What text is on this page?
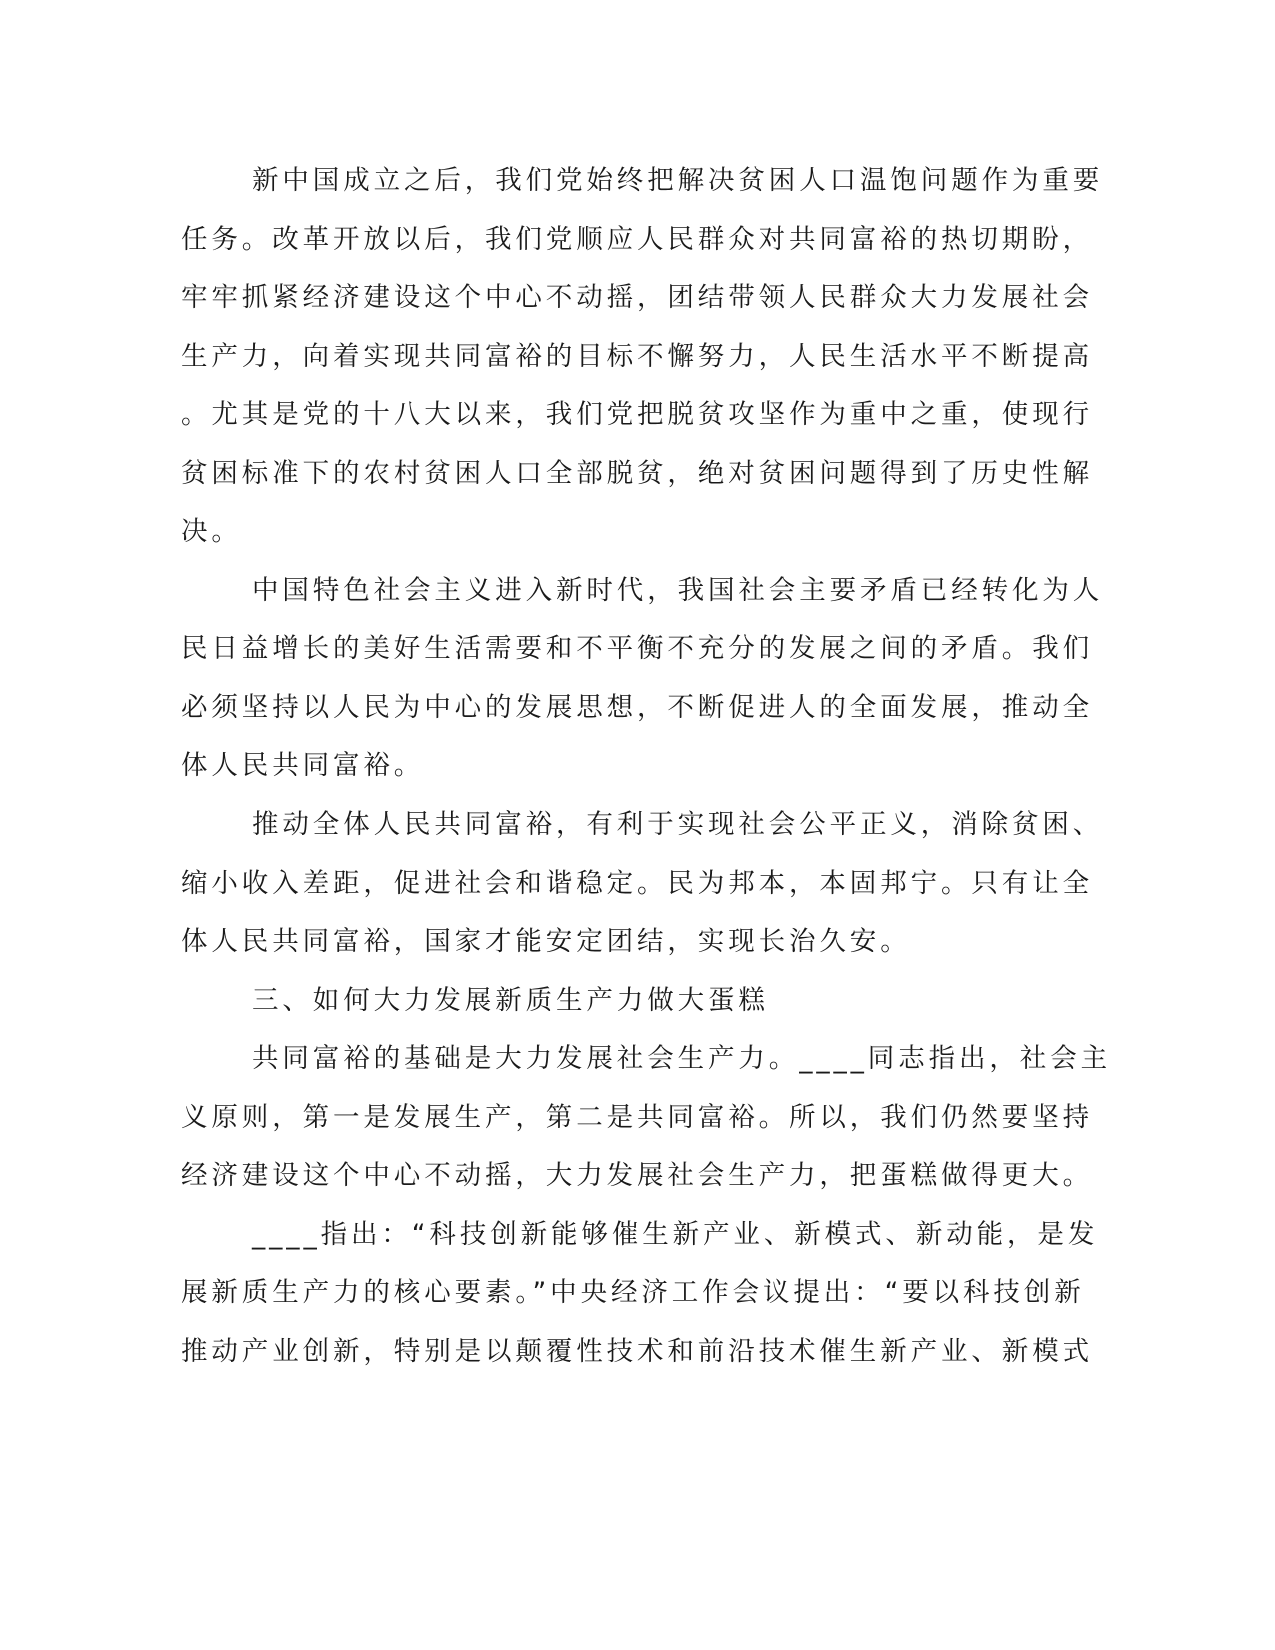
新中国成立之后，我们党始终把解决贫困人口温饱问题作为重要
任务。改革开放以后，我们党顺应人民群众对共同富裕的热切期盼，
牢牢抓紧经济建设这个中心不动摇，团结带领人民群众大力发展社会
生产力，向着实现共同富裕的目标不懈努力，人民生活水平不断提高
。尤其是党的十八大以来，我们党把脱贫攻坚作为重中之重，使现行
贫困标准下的农村贫困人口全部脱贫，绝对贫困问题得到了历史性解
决。
中国特色社会主义进入新时代，我国社会主要矛盾已经转化为人
民日益增长的美好生活需要和不平衡不充分的发展之间的矛盾。我们
必须坚持以人民为中心的发展思想，不断促进人的全面发展，推动全
体人民共同富裕。
推动全体人民共同富裕，有利于实现社会公平正义，消除贫困、
缩小收入差距，促进社会和谐稳定。民为邦本，本固邦宁。只有让全
体人民共同富裕，国家才能安定团结，实现长治久安。
三、如何大力发展新质生产力做大蛋糕
共同富裕的基础是大力发展社会生产力。____同志指出，社会主
义原则，第一是发展生产，第二是共同富裕。所以，我们仍然要坚持
经济建设这个中心不动摇，大力发展社会生产力，把蛋糕做得更大。
____指出：“科技创新能够催生新产业、新模式、新动能，是发
展新质生产力的核心要素。”中央经济工作会议提出：“要以科技创新
推动产业创新，特别是以颠覆性技术和前沿技术催生新产业、新模式
